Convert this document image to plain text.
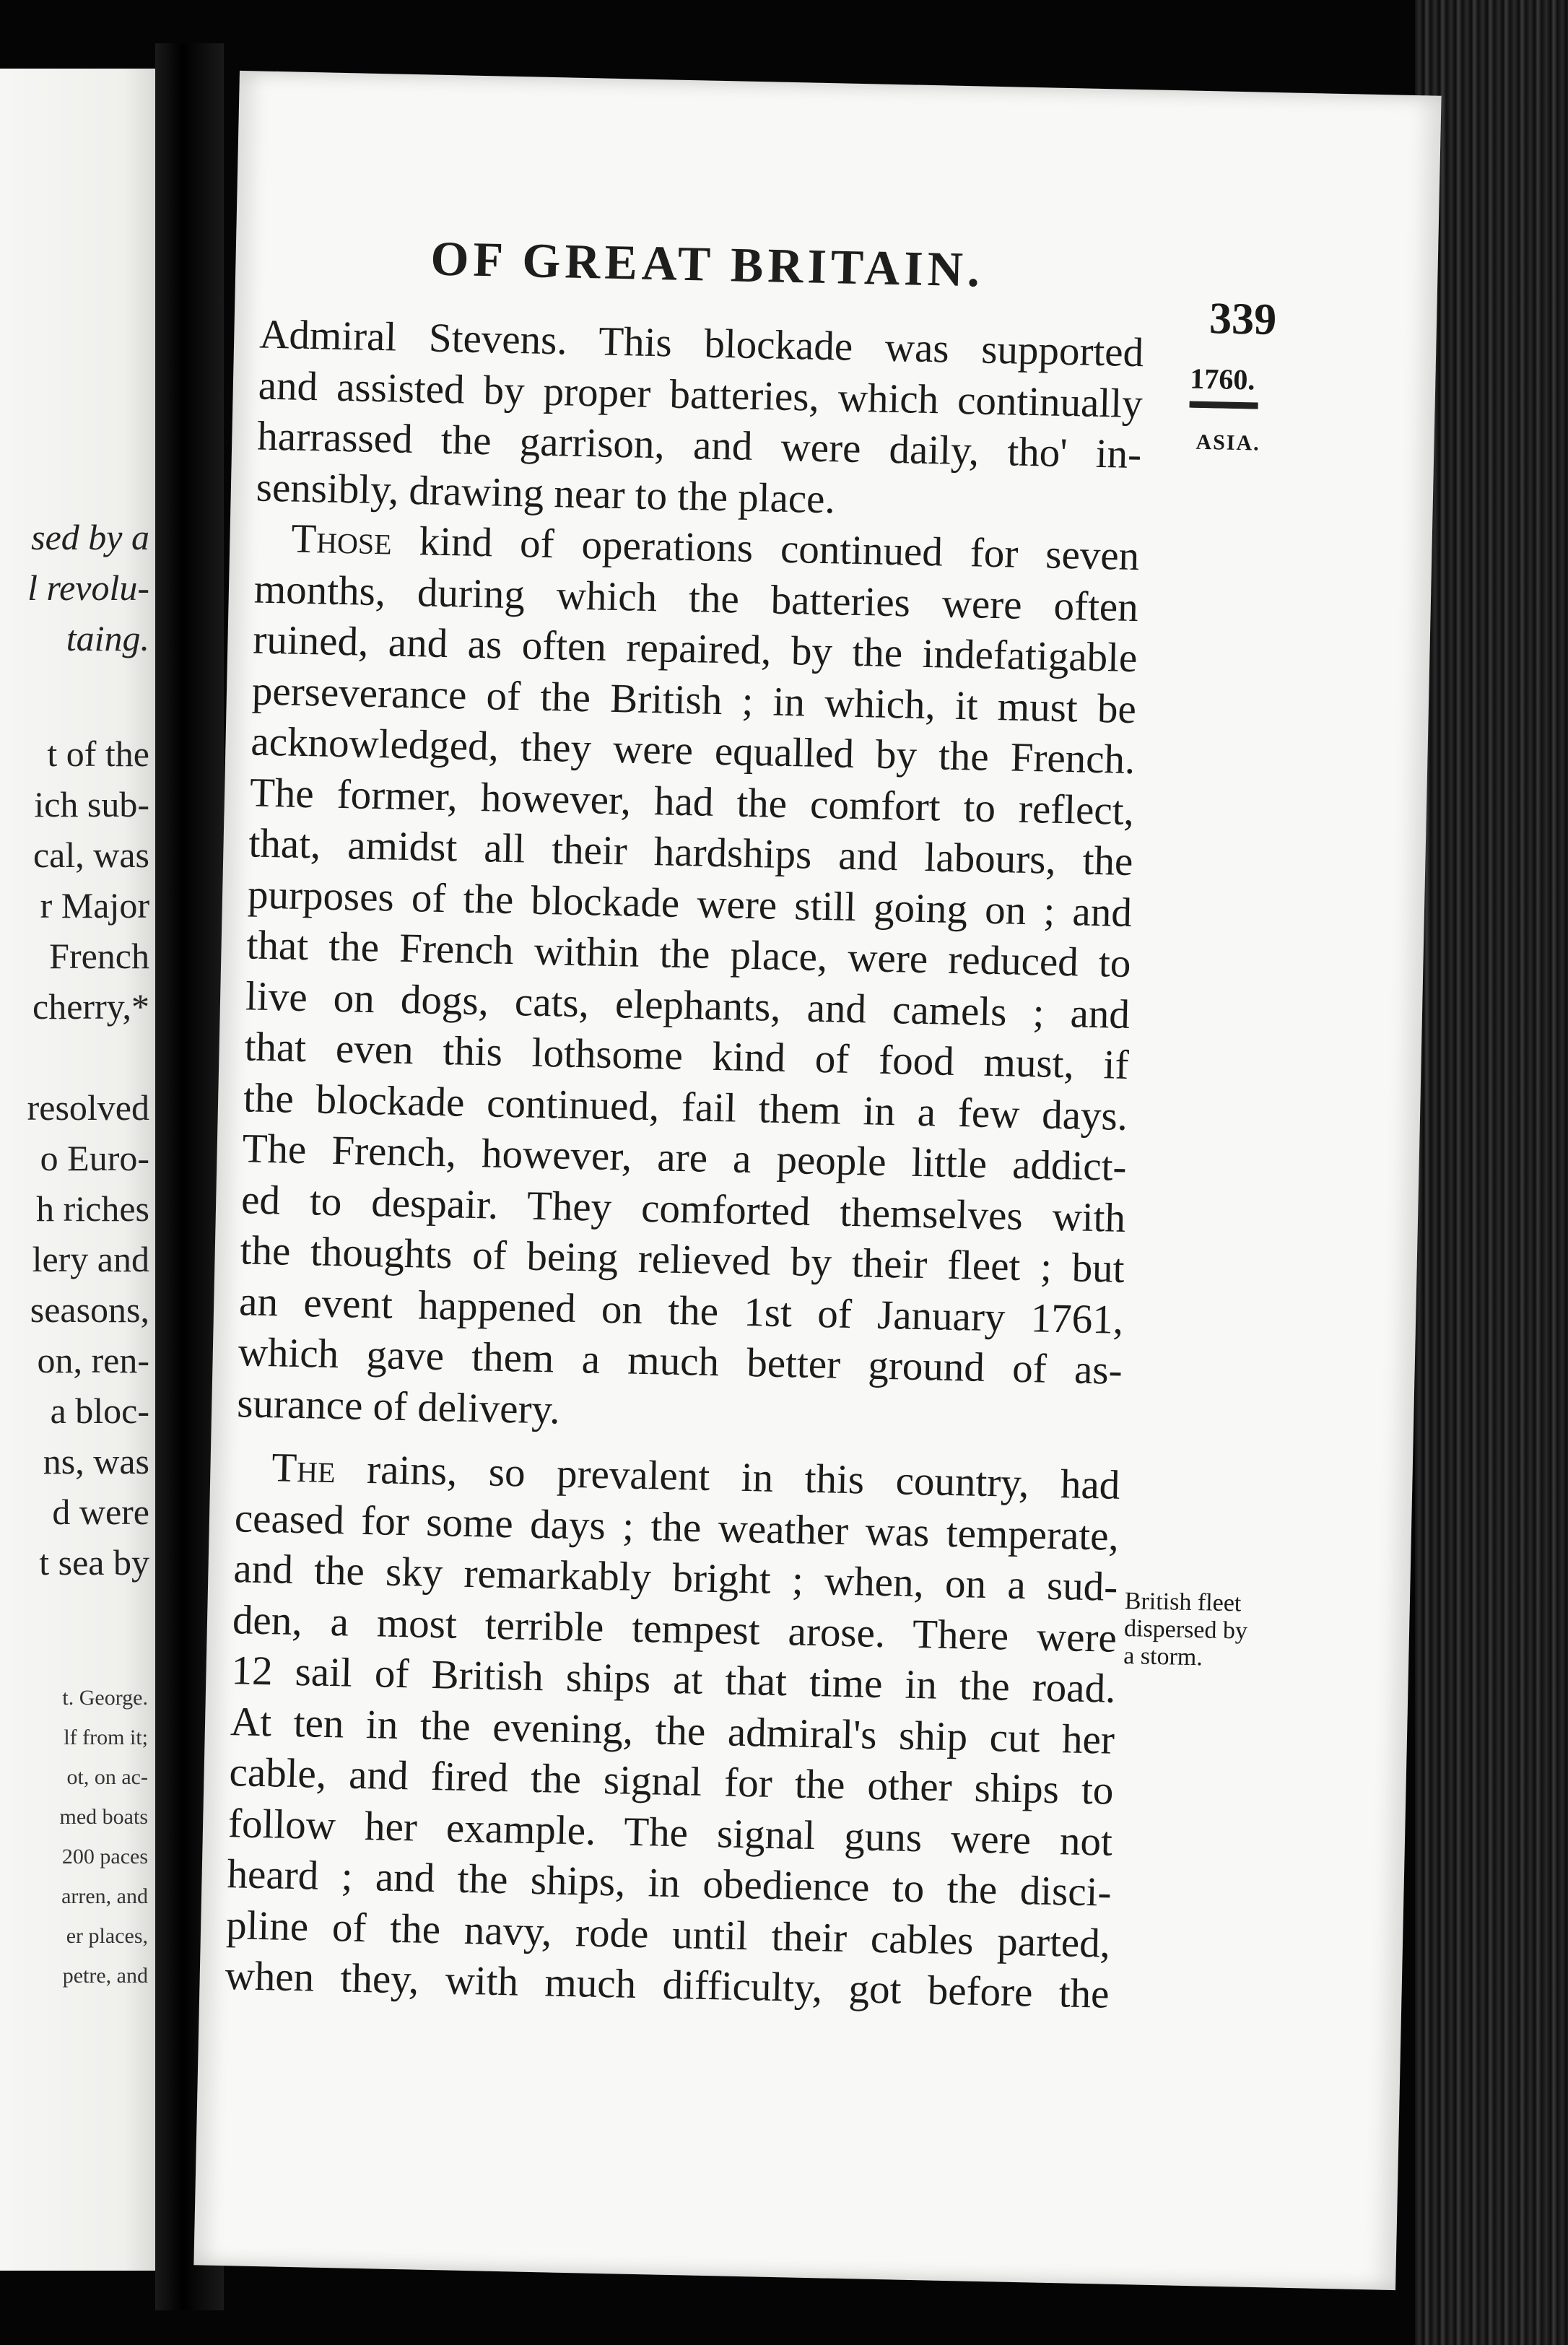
sed by a
l revolu-
taing.
t of the
ich sub-
cal, was
r Major
French
cherry,*
resolved
o Euro-
h riches
lery and
seasons,
on, ren-
a bloc-
ns, was
d were
t sea by
t. George.
lf from it;
ot, on ac-
med boats
200 paces
arren, and
er places,
petre, and
OF GREAT BRITAIN.
339
1760.
ASIA.
British fleet
dispersed by
a storm.
Admiral Stevens. This blockade was supported
and assisted by proper batteries, which continually
harrassed the garrison, and were daily, tho' in-
sensibly, drawing near to the place.
Those kind of operations continued for seven
months, during which the batteries were often
ruined, and as often repaired, by the indefatigable
perseverance of the British ; in which, it must be
acknowledged, they were equalled by the French.
The former, however, had the comfort to reflect,
that, amidst all their hardships and labours, the
purposes of the blockade were still going on ; and
that the French within the place, were reduced to
live on dogs, cats, elephants, and camels ; and
that even this lothsome kind of food must, if
the blockade continued, fail them in a few days.
The French, however, are a people little addict-
ed to despair. They comforted themselves with
the thoughts of being relieved by their fleet ; but
an event happened on the 1st of January 1761,
which gave them a much better ground of as-
surance of delivery.
The rains, so prevalent in this country, had
ceased for some days ; the weather was temperate,
and the sky remarkably bright ; when, on a sud-
den, a most terrible tempest arose. There were
12 sail of British ships at that time in the road.
At ten in the evening, the admiral's ship cut her
cable, and fired the signal for the other ships to
follow her example. The signal guns were not
heard ; and the ships, in obedience to the disci-
pline of the navy, rode until their cables parted,
when they, with much difficulty, got before the
